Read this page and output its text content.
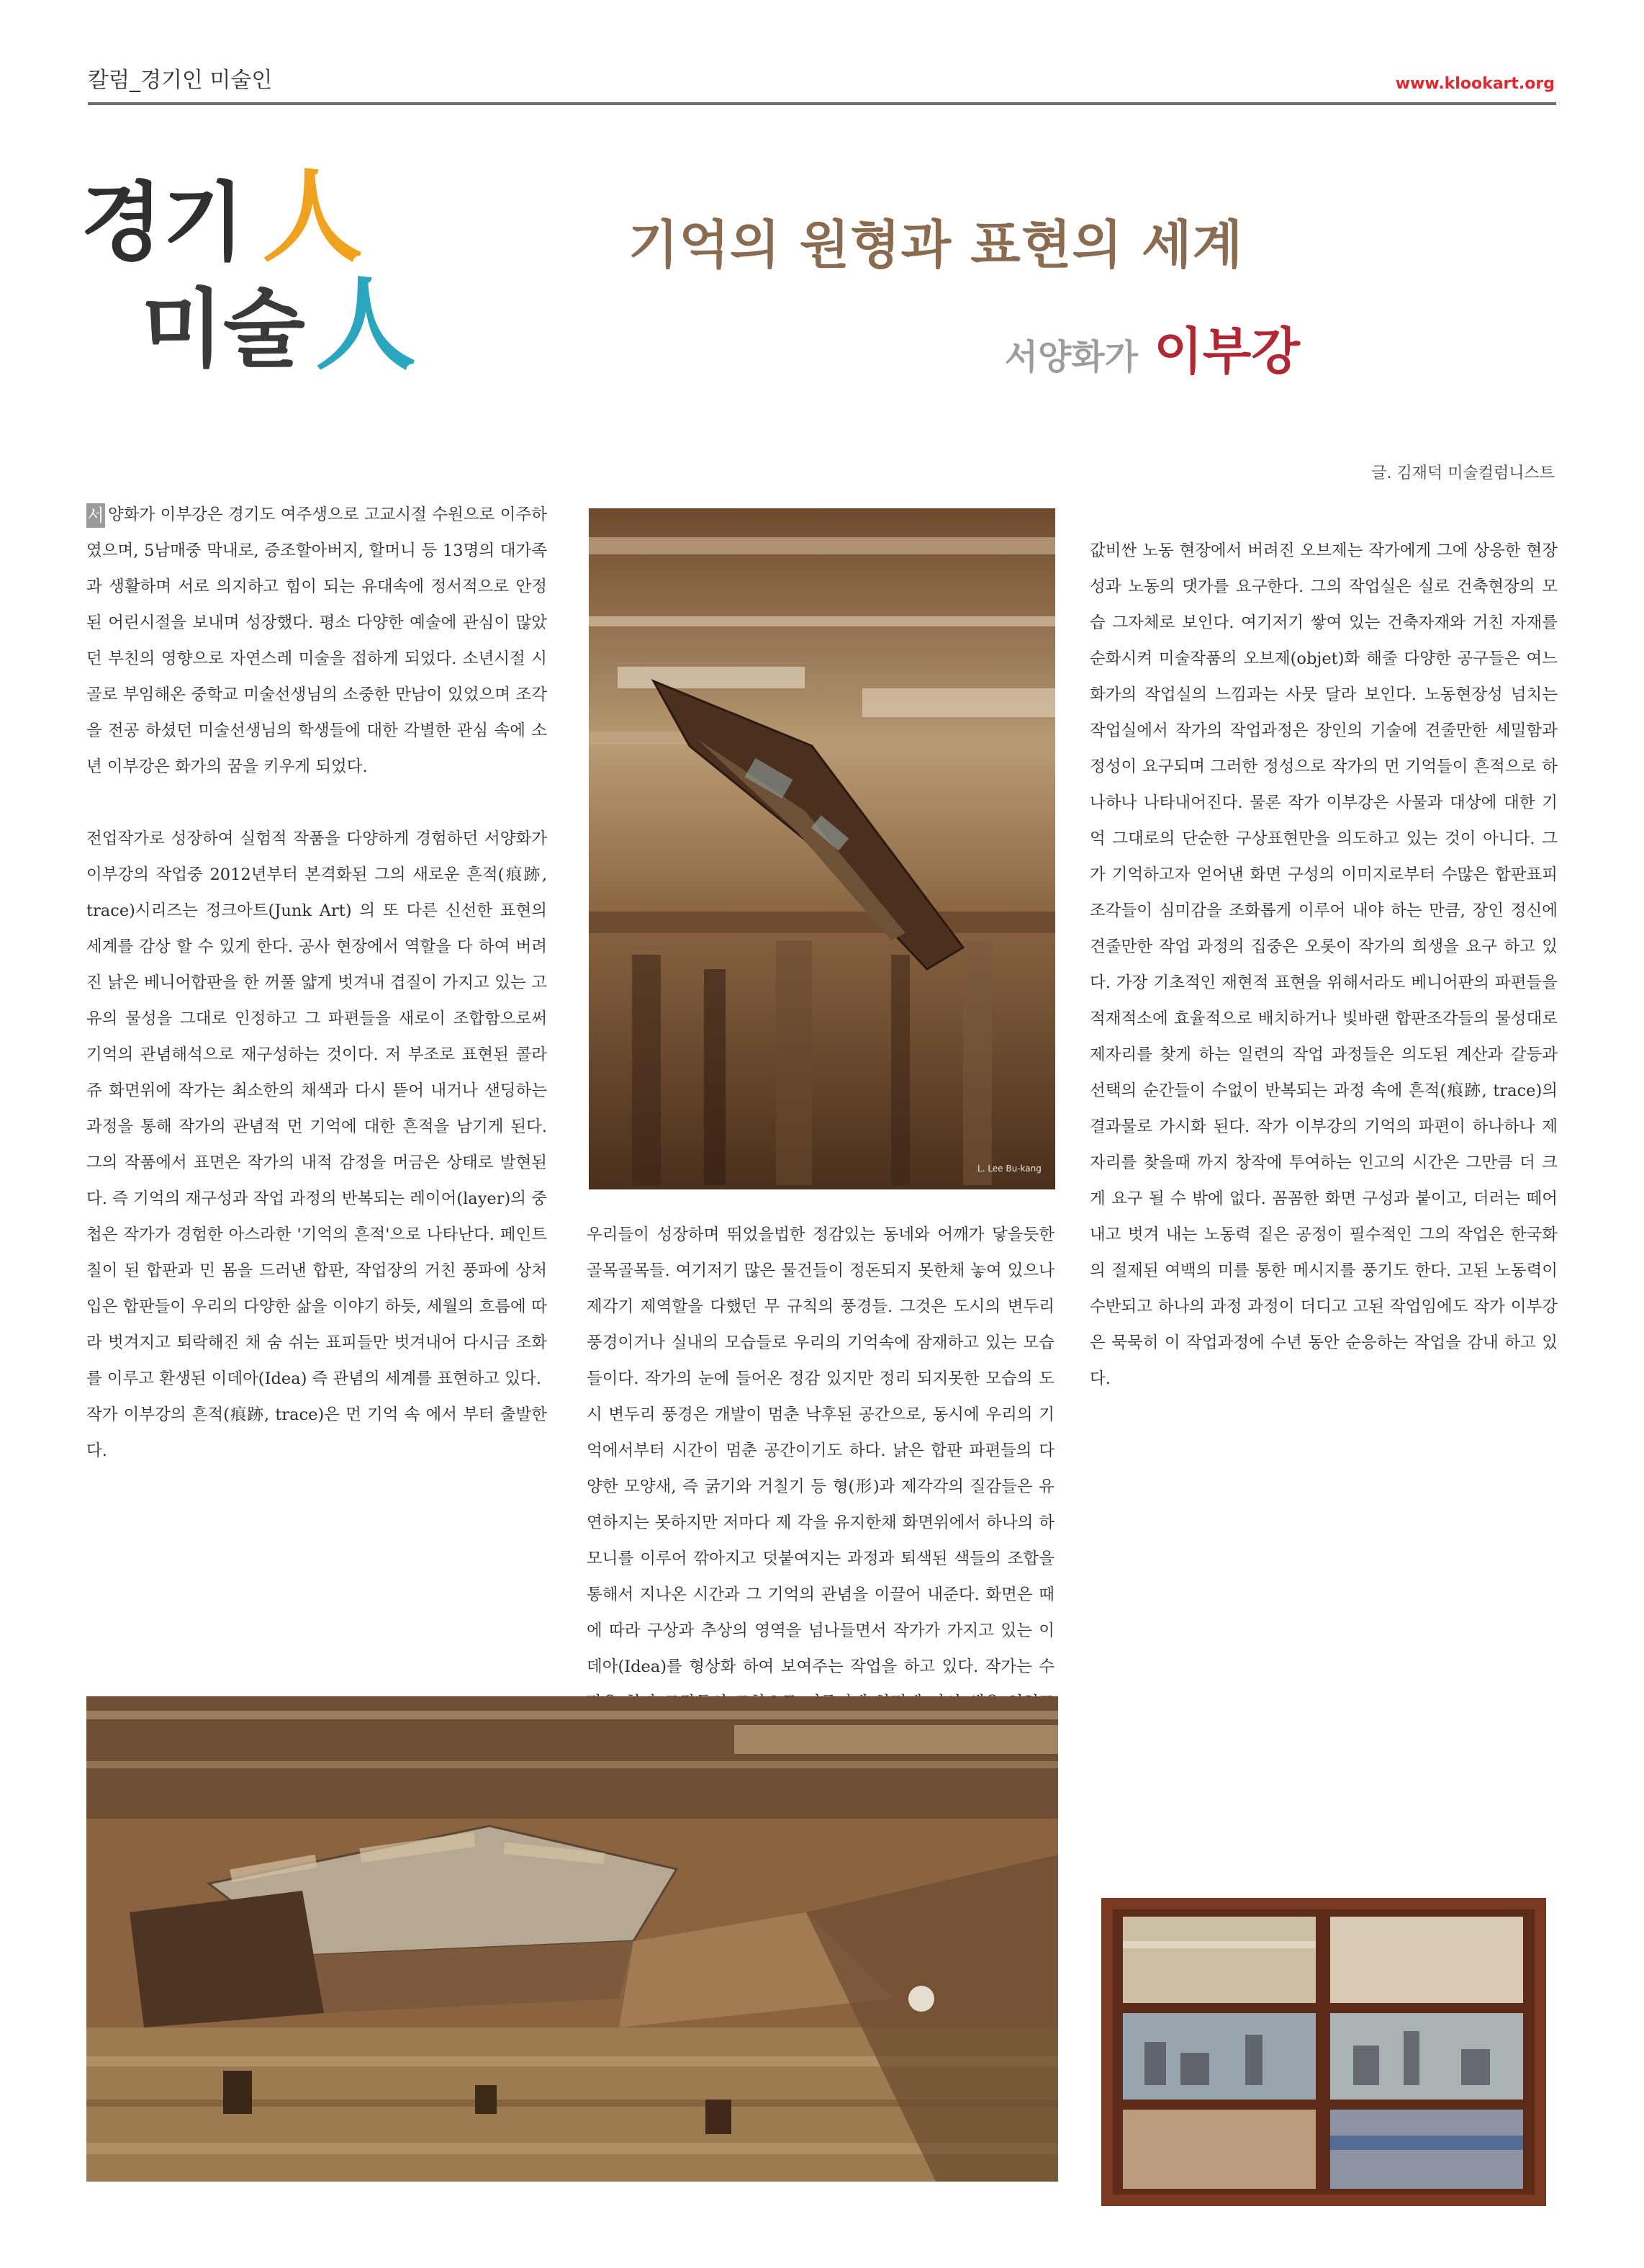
칼럼_경기인 미술인	www.klookart.org
경기 人
미술 人
기억의 원형과 표현의 세계
서양화가 이부강
글. 김재덕 미술컬럼니스트

서 양화가 이부강은 경기도 여주생으로 고교시절 수원으로 이주하였으며, 5남매중 막내로, 증조할아버지, 할머니 등 13명의 대가족 과 생활하며 서로 의지하고 힘이 되는 유대속에 정서적으로 안정된 어린시절을 보내며 성장했다. 평소 다양한 예술에 관심이 많았던 부친의 영향으로 자연스레 미술을 접하게 되었다. 소년시절 시골로 부임해온 중학교 미술선생님의 소중한 만남이 있었으며 조각을 전공 하셨던 미술선생님의 학생들에 대한 각별한 관심 속에 소년 이부강은 화가의 꿈을 키우게 되었다.

전업작가로 성장하여 실험적 작품을 다양하게 경험하던 서양화가 이부강의 작업중 2012년부터 본격화된 그의 새로운 흔적(痕跡, trace)시리즈는 정크아트(Junk Art) 의 또 다른 신선한 표현의 세계를 감상 할 수 있게 한다. 공사 현장에서 역할을 다 하여 버려진 낡은 베니어합판을 한 꺼풀 얇게 벗겨내 겹질이 가지고 있는 고유의 물성을 그대로 인정하고 그 파편들을 새로이 조합함으로써 기억의 관념해석으로 재구성하는 것이다. 저 부조로 표현된 콜라쥬 화면위에 작가는 최소한의 채색과 다시 뜯어 내거나 샌딩하는 과정을 통해 작가의 관념적 먼 기억에 대한 흔적을 남기게 된다. 그의 작품에서 표면은 작가의 내적 감정을 머금은 상태로 발현된다. 즉 기억의 재구성과 작업 과정의 반복되는 레이어(layer)의 중첩은 작가가 경험한 아스라한 '기억의 흔적'으로 나타난다. 페인트칠이 된 합판과 민 몸을 드러낸 합판, 작업장의 거친 풍파에 상처 입은 합판들이 우리의 다양한 삶을 이야기 하듯, 세월의 흐름에 따라 벗겨지고 퇴락해진 채 숨 쉬는 표피들만 벗겨내어 다시금 조화를 이루고 환생된 이데아(Idea) 즉 관념의 세계를 표현하고 있다.

작가 이부강의 흔적(痕跡, trace)은 먼 기억 속 에서 부터 출발한다.

우리들이 성장하며 뛰었을법한 정감있는 동네와 어깨가 닿을듯한 골목골목들. 여기저기 많은 물건들이 정돈되지 못한채 놓여 있으나 제각기 제역할을 다했던 무 규칙의 풍경들. 그것은 도시의 변두리 풍경이거나 실내의 모습들로 우리의 기억속에 잠재하고 있는 모습들이다. 작가의 눈에 들어온 정감 있지만 정리 되지못한 모습의 도시 변두리 풍경은 개발이 멈춘 낙후된 공간으로, 동시에 우리의 기억에서부터 시간이 멈춘 공간이기도 하다. 낡은 합판 파편들의 다양한 모양새, 즉 굵기와 거칠기 등 형(形)과 제각각의 질감들은 유연하지는 못하지만 저마다 제 각을 유지한채 화면위에서 하나의 하모니를 이루어 깎아지고 덧붙여지는 과정과 퇴색된 색들의 조합을 통해서 지나온 시간과 그 기억의 관념을 이끌어 내준다. 화면은 때에 따라 구상과 추상의 영역을 넘나들면서 작가가 가지고 있는 이데아(Idea)를 형상화 하여 보여주는 작업을 하고 있다. 작가는 수

값비싼 노동 현장에서 버려진 오브제는 작가에게 그에 상응한 현장성과 노동의 댓가를 요구한다. 그의 작업실은 실로 건축현장의 모습 그자체로 보인다. 여기저기 쌓여 있는 건축자재와 거친 자재를 순화시켜 미술작품의 오브제(objet)화 해줄 다양한 공구들은 여느 화가의 작업실의 느낌과는 사뭇 달라 보인다. 노동현장성 넘치는 작업실에서 작가의 작업과정은 장인의 기술에 견줄만한 세밀함과 정성이 요구되며 그러한 정성으로 작가의 먼 기억들이 흔적으로 하나하나 나타내어진다. 물론 작가 이부강은 사물과 대상에 대한 기억 그대로의 단순한 구상표현만을 의도하고 있는 것이 아니다. 그가 기억하고자 얻어낸 화면 구성의 이미지로부터 수많은 합판표피 조각들이 심미감을 조화롭게 이루어 내야 하는 만큼, 장인 정신에 견줄만한 작업 과정의 집중은 오롯이 작가의 희생을 요구 하고 있다. 가장 기초적인 재현적 표현을 위해서라도 베니어판의 파편들을 적재적소에 효율적으로 배치하거나 빛바랜 합판조각들의 물성대로 제자리를 찾게 하는 일련의 작업 과정들은 의도된 계산과 갈등과 선택의 순간들이 수없이 반복되는 과정 속에 흔적(痕跡, trace)의 결과물로 가시화 된다. 작가 이부강의 기억의 파편이 하나하나 제자리를 찾을때 까지 창작에 투여하는 인고의 시간은 그만큼 더 크게 요구 될 수 밖에 없다. 꼼꼼한 화면 구성과 붙이고, 더러는 떼어내고 벗겨 내는 노동력 짙은 공정이 필수적인 그의 작업은 한국화의 절제된 여백의 미를 통한 메시지를 풍기도 한다. 고된 노동력이 수반되고 하나의 과정 과정이 더디고 고된 작업임에도 작가 이부강은 묵묵히 이 작업과정에 수년 동안 순응하는 작업을 감내 하고 있다.

L. Lee Bu-kang
